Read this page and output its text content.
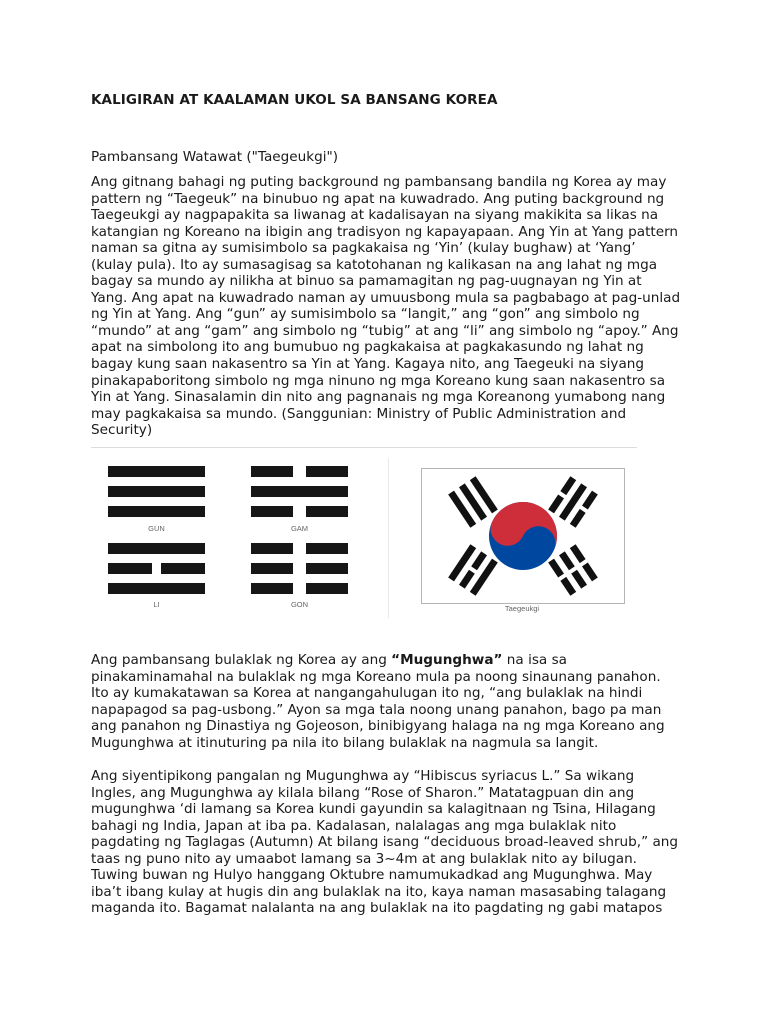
KALIGIRAN AT KAALAMAN UKOL SA BANSANG KOREA

Pambansang Watawat ("Taegeukgi")

Ang gitnang bahagi ng puting background ng pambansang bandila ng Korea ay may pattern ng “Taegeuk” na binubuo ng apat na kuwadrado. Ang puting background ng Taegeukgi ay nagpapakita sa liwanag at kadalisayan na siyang makikita sa likas na katangian ng Koreano na ibigin ang tradisyon ng kapayapaan. Ang Yin at Yang pattern naman sa gitna ay sumisimbolo sa pagkakaisa ng ‘Yin’ (kulay bughaw) at ‘Yang’ (kulay pula). Ito ay sumasagisag sa katotohanan ng kalikasan na ang lahat ng mga bagay sa mundo ay nilikha at binuo sa pamamagitan ng pag-uugnayan ng Yin at Yang. Ang apat na kuwadrado naman ay umuusbong mula sa pagbabago at pag-unlad ng Yin at Yang. Ang “gun” ay sumisimbolo sa “langit,” ang “gon” ang simbolo ng “mundo” at ang “gam” ang simbolo ng “tubig” at ang “li” ang simbolo ng “apoy.” Ang apat na simbolong ito ang bumubuo ng pagkakaisa at pagkakasundo ng lahat ng bagay kung saan nakasentro sa Yin at Yang. Kagaya nito, ang Taegeuki na siyang pinakapaboritong simbolo ng mga ninuno ng mga Koreano kung saan nakasentro sa Yin at Yang. Sinasalamin din nito ang pagnanais ng mga Koreanong yumabong nang may pagkakaisa sa mundo. (Sanggunian: Ministry of Public Administration and Security)

GUN	GAM
LI	GON	Taegeukgi

Ang pambansang bulaklak ng Korea ay ang “Mugunghwa” na isa sa pinakaminamahal na bulaklak ng mga Koreano mula pa noong sinaunang panahon. Ito ay kumakatawan sa Korea at nangangahulugan ito ng, “ang bulaklak na hindi napapagod sa pag-usbong.” Ayon sa mga tala noong unang panahon, bago pa man ang panahon ng Dinastiya ng Gojeoson, binibigyang halaga na ng mga Koreano ang Mugunghwa at itinuturing pa nila ito bilang bulaklak na nagmula sa langit.

Ang siyentipikong pangalan ng Mugunghwa ay “Hibiscus syriacus L.” Sa wikang Ingles, ang Mugunghwa ay kilala bilang “Rose of Sharon.” Matatagpuan din ang mugunghwa ‘di lamang sa Korea kundi gayundin sa kalagitnaan ng Tsina, Hilagang bahagi ng India, Japan at iba pa. Kadalasan, nalalagas ang mga bulaklak nito pagdating ng Taglagas (Autumn) At bilang isang “deciduous broad-leaved shrub,” ang taas ng puno nito ay umaabot lamang sa 3~4m at ang bulaklak nito ay bilugan. Tuwing buwan ng Hulyo hanggang Oktubre namumukadkad ang Mugunghwa. May iba’t ibang kulay at hugis din ang bulaklak na ito, kaya naman masasabing talagang maganda ito. Bagamat nalalanta na ang bulaklak na ito pagdating ng gabi matapos
